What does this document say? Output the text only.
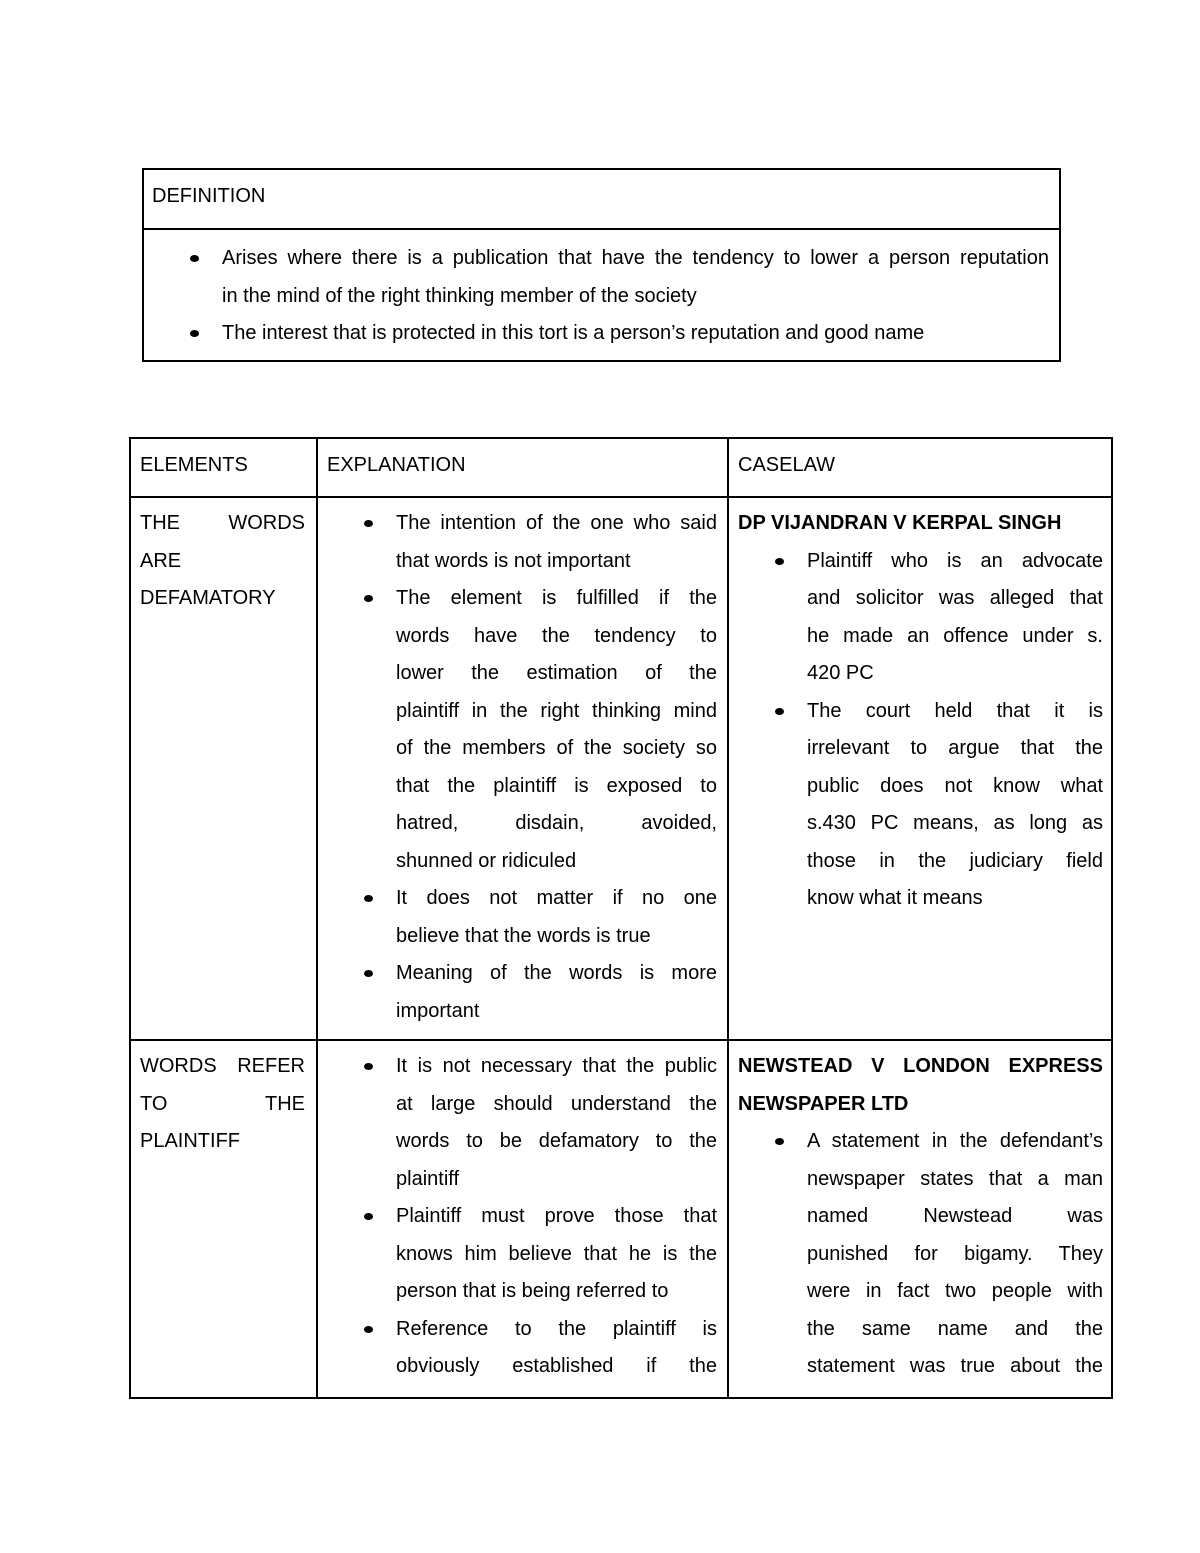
DEFINITION
Arises where there is a publication that have the tendency to lower a person reputation
in the mind of the right thinking member of the society
The interest that is protected in this tort is a person’s reputation and good name
ELEMENTS	EXPLANATION	CASELAW
THE WORDS
ARE
DEFAMATORY
The intention of the one who said
that words is not important
The element is fulfilled if the
words have the tendency to
lower the estimation of the
plaintiff in the right thinking mind
of the members of the society so
that the plaintiff is exposed to
hatred, disdain, avoided,
shunned or ridiculed
It does not matter if no one
believe that the words is true
Meaning of the words is more
important
DP VIJANDRAN V KERPAL SINGH
Plaintiff who is an advocate
and solicitor was alleged that
he made an offence under s.
420 PC
The court held that it is
irrelevant to argue that the
public does not know what
s.430 PC means, as long as
those in the judiciary field
know what it means
WORDS REFER
TO THE
PLAINTIFF
It is not necessary that the public
at large should understand the
words to be defamatory to the
plaintiff
Plaintiff must prove those that
knows him believe that he is the
person that is being referred to
Reference to the plaintiff is
obviously established if the
NEWSTEAD V LONDON EXPRESS
NEWSPAPER LTD
A statement in the defendant’s
newspaper states that a man
named Newstead was
punished for bigamy. They
were in fact two people with
the same name and the
statement was true about the
